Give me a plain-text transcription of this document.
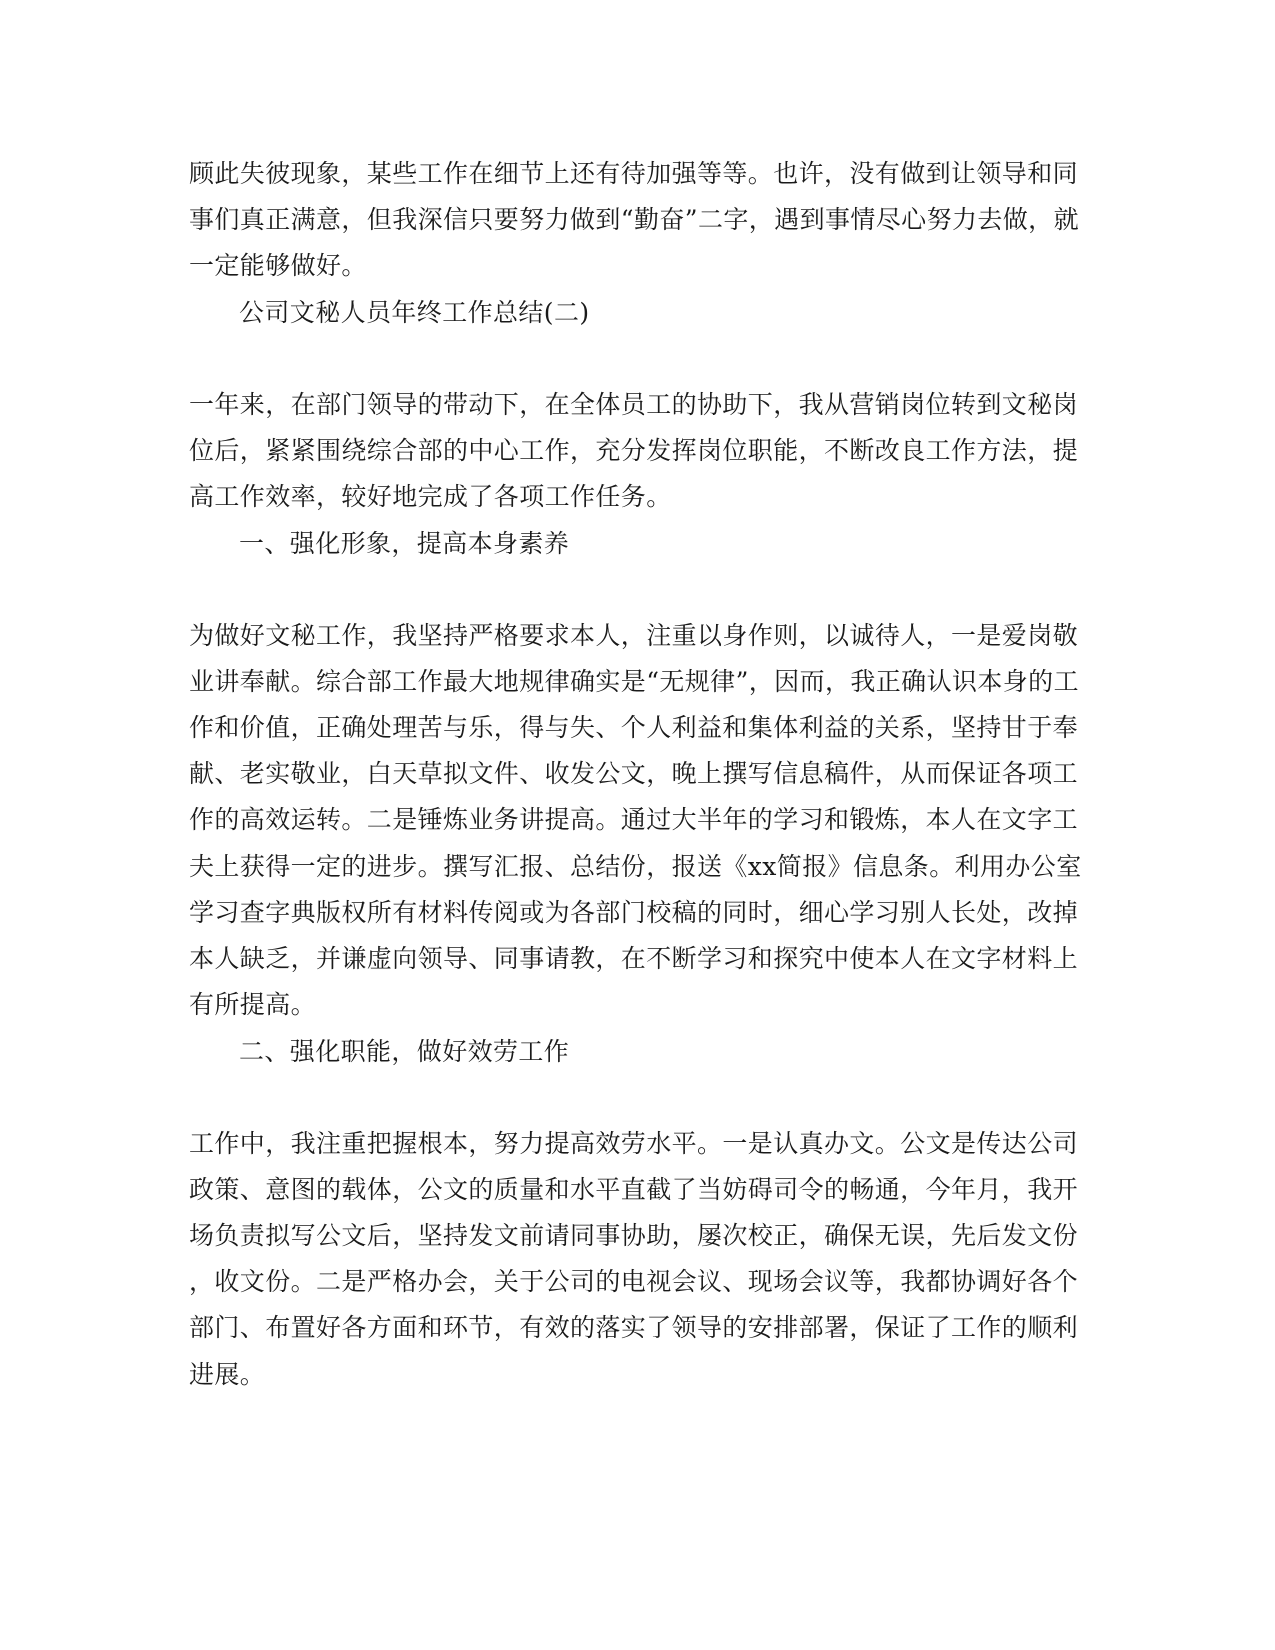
顾此失彼现象，某些工作在细节上还有待加强等等。也许，没有做到让领导和同
事们真正满意，但我深信只要努力做到“勤奋”二字，遇到事情尽心努力去做，就
一定能够做好。
公司文秘人员年终工作总结(二)
一年来，在部门领导的带动下，在全体员工的协助下，我从营销岗位转到文秘岗
位后，紧紧围绕综合部的中心工作，充分发挥岗位职能，不断改良工作方法，提
高工作效率，较好地完成了各项工作任务。
一、强化形象，提高本身素养
为做好文秘工作，我坚持严格要求本人，注重以身作则，以诚待人，一是爱岗敬
业讲奉献。综合部工作最大地规律确实是“无规律”，因而，我正确认识本身的工
作和价值，正确处理苦与乐，得与失、个人利益和集体利益的关系，坚持甘于奉
献、老实敬业，白天草拟文件、收发公文，晚上撰写信息稿件，从而保证各项工
作的高效运转。二是锤炼业务讲提高。通过大半年的学习和锻炼，本人在文字工
夫上获得一定的进步。撰写汇报、总结份，报送《xx简报》信息条。利用办公室
学习查字典版权所有材料传阅或为各部门校稿的同时，细心学习别人长处，改掉
本人缺乏，并谦虚向领导、同事请教，在不断学习和探究中使本人在文字材料上
有所提高。
二、强化职能，做好效劳工作
工作中，我注重把握根本，努力提高效劳水平。一是认真办文。公文是传达公司
政策、意图的载体，公文的质量和水平直截了当妨碍司令的畅通，今年月，我开
场负责拟写公文后，坚持发文前请同事协助，屡次校正，确保无误，先后发文份
，收文份。二是严格办会，关于公司的电视会议、现场会议等，我都协调好各个
部门、布置好各方面和环节，有效的落实了领导的安排部署，保证了工作的顺利
进展。
